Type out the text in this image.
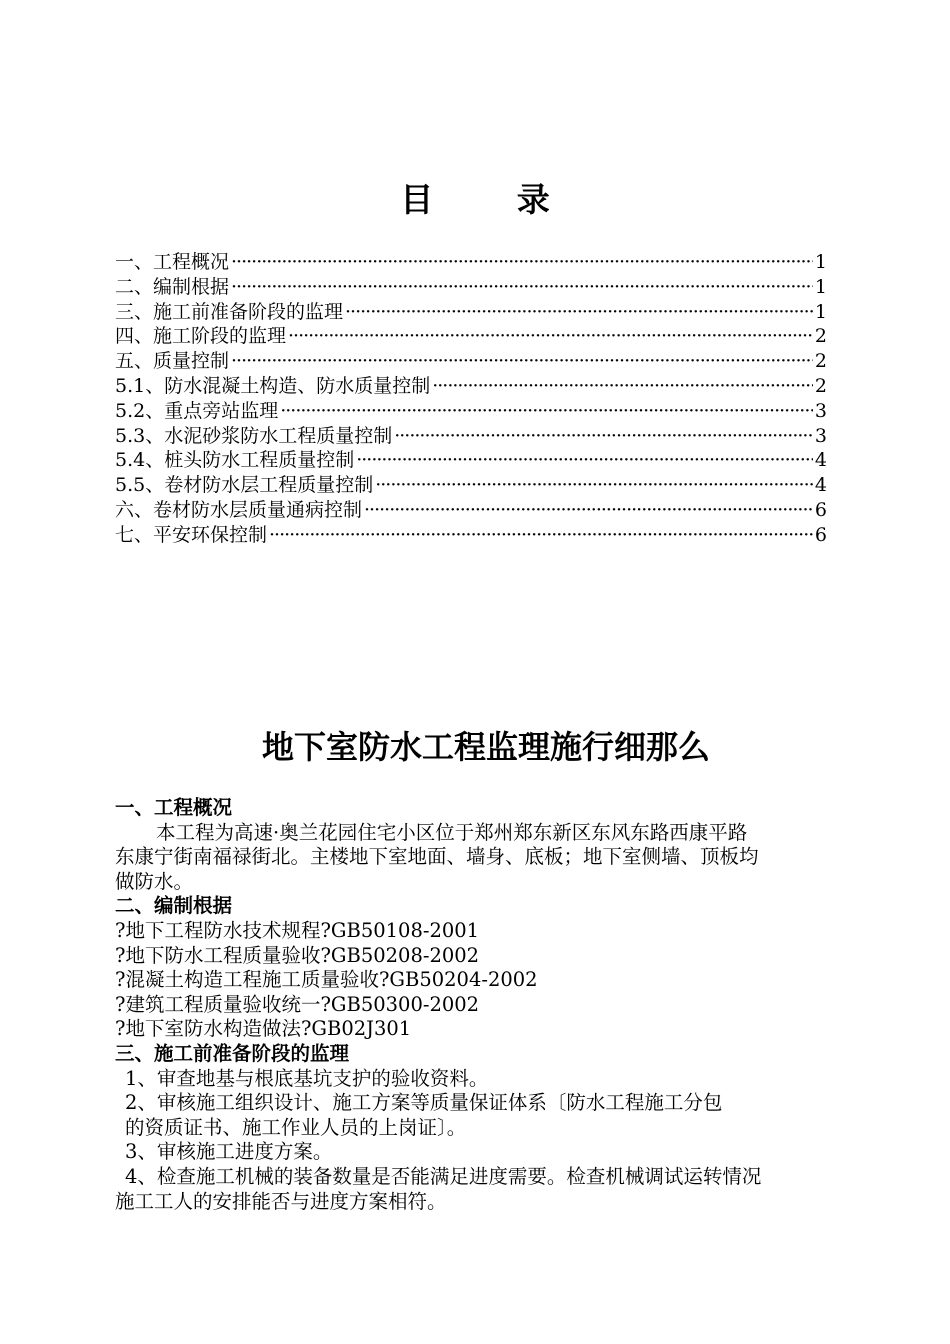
目 录
一、工程概况 ·····	1
二、编制根据 ·····	1
三、施工前准备阶段的监理 ·····	1
四、施工阶段的监理 ·····	2
五、质量控制 ·····	2
5.1、防水混凝土构造、防水质量控制 ·····	2
5.2、重点旁站监理 ·····	3
5.3、水泥砂浆防水工程质量控制 ·····	3
5.4、桩头防水工程质量控制 ·····	4
5.5、卷材防水层工程质量控制 ·····	4
六、卷材防水层质量通病控制 ·····	6
七、平安环保控制 ·····	6
地下室防水工程监理施行细那么

一、工程概况

本工程为高速·奥兰花园住宅小区位于郑州郑东新区东风东路西康平路

东康宁街南福禄街北。主楼地下室地面、墙身、底板；地下室侧墙、顶板均

做防水。

二、编制根据

?地下工程防水技术规程?GB50108-2001

?地下防水工程质量验收?GB50208-2002

?混凝土构造工程施工质量验收?GB50204-2002

?建筑工程质量验收统一?GB50300-2002

?地下室防水构造做法?GB02J301

三、施工前准备阶段的监理

1、审查地基与根底基坑支护的验收资料。

2、审核施工组织设计、施工方案等质量保证体系〔防水工程施工分包

的资质证书、施工作业人员的上岗证〕。

3、审核施工进度方案。

4、检查施工机械的装备数量是否能满足进度需要。检查机械调试运转情况

施工工人的安排能否与进度方案相符。
